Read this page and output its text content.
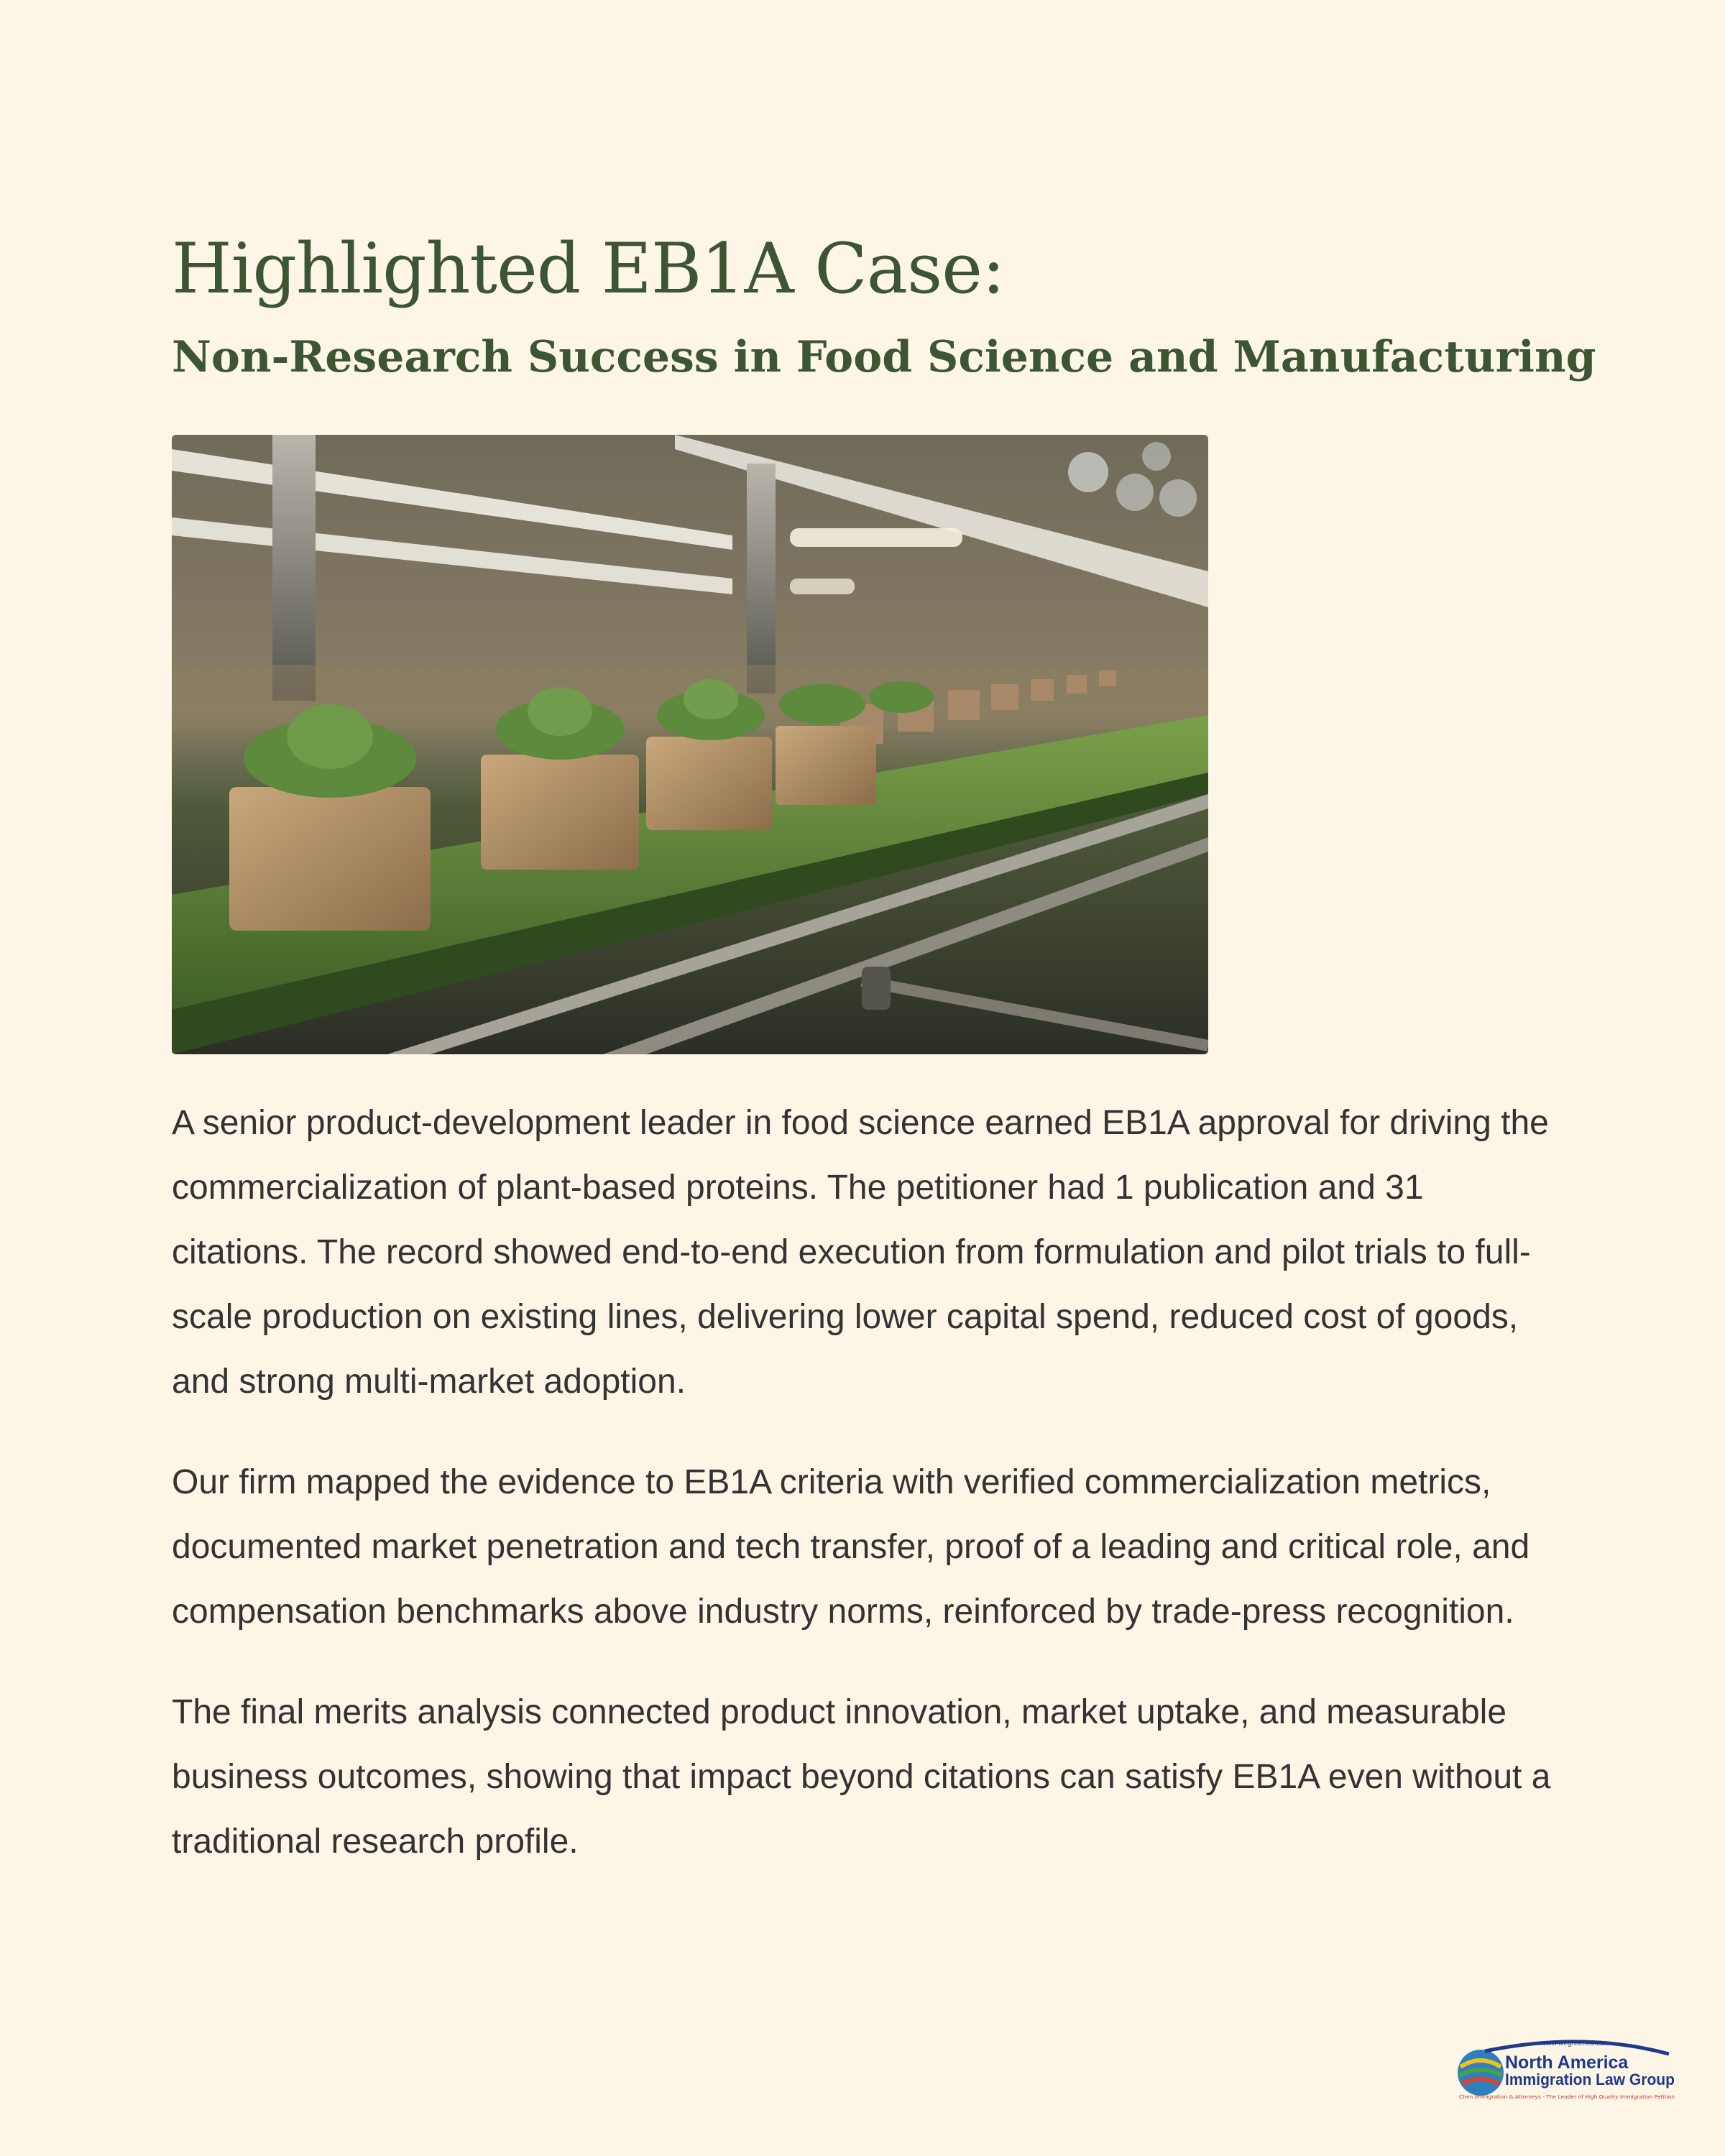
Highlighted EB1A Case:
Non-Research Success in Food Science and Manufacturing

A senior product-development leader in food science earned EB1A approval for driving the commercialization of plant-based proteins. The petitioner had 1 publication and 31 citations. The record showed end-to-end execution from formulation and pilot trials to full-scale production on existing lines, delivering lower capital spend, reduced cost of goods, and strong multi-market adoption.

Our firm mapped the evidence to EB1A criteria with verified commercialization metrics, documented market penetration and tech transfer, proof of a leading and critical role, and compensation benchmarks above industry norms, reinforced by trade-press recognition.

The final merits analysis connected product innovation, market uptake, and measurable business outcomes, showing that impact beyond citations can satisfy EB1A even without a traditional research profile.

www.wegreened.com
North America
Immigration Law Group
Chen Immigration & Attorneys - The Leader of High Quality Immigration Petition
